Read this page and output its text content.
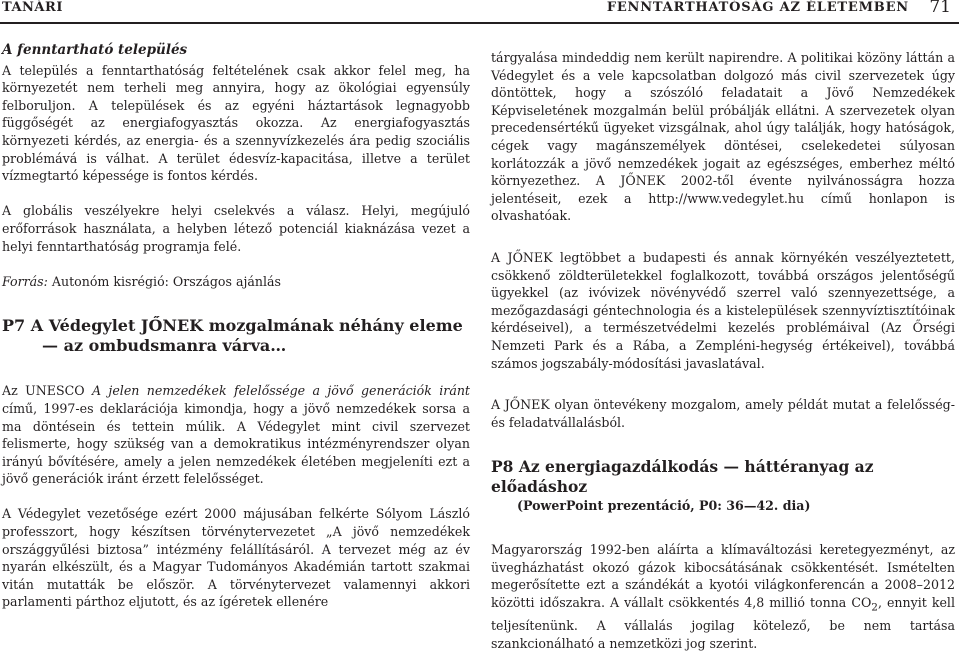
TANÁRI	FENNTARTHATÓSÁG AZ ÉLETEMBEN 71
A fenntartható település

A település a fenntarthatóság feltételének csak akkor felel meg, ha környezetét nem terheli meg annyira, hogy az ökológiai egyensúly felboruljon. A települések és az egyéni háztartások legnagyobb függőségét az energiafogyasztás okozza. Az energiafogyasztás környezeti kérdés, az energia- és a szennyvízkezelés ára pedig szociális problémává is válhat. A terület édesvíz-kapacitása, illetve a terület vízmegtartó képessége is fontos kérdés.

A globális veszélyekre helyi cselekvés a válasz. Helyi, megújuló erőforrások használata, a helyben létező potenciál kiaknázása vezet a helyi fenntarthatóság programja felé.

Forrás: Autonóm kisrégió: Országos ajánlás

P7 A Védegylet JŐNEK mozgalmának néhány eleme
— az ombudsmanra várva…

Az UNESCO A jelen nemzedékek felelőssége a jövő generációk iránt című, 1997-es deklarációja kimondja, hogy a jövő nemzedékek sorsa a ma döntésein és tettein múlik. A Védegylet mint civil szervezet felismerte, hogy szükség van a demokratikus intézményrendszer olyan irányú bővítésére, amely a jelen nemzedékek életében megjeleníti ezt a jövő generációk iránt érzett felelősséget.

A Védegylet vezetősége ezért 2000 májusában felkérte Sólyom László professzort, hogy készítsen törvénytervezetet „A jövő nemzedékek országgyűlési biztosa” intézmény felállításáról. A tervezet még az év nyarán elkészült, és a Magyar Tudományos Akadémián tartott szakmai vitán mutatták be először. A törvénytervezet valamennyi akkori parlamenti párthoz eljutott, és az ígéretek ellenére

tárgyalása mindeddig nem került napirendre. A politikai közöny láttán a Védegylet és a vele kapcsolatban dolgozó más civil szervezetek úgy döntöttek, hogy a szószóló feladatait a Jövő Nemzedékek Képviseletének mozgalmán belül próbálják ellátni. A szervezetek olyan precedensértékű ügyeket vizsgálnak, ahol úgy találják, hogy hatóságok, cégek vagy magánszemélyek döntései, cselekedetei súlyosan korlátozzák a jövő nemzedékek jogait az egészséges, emberhez méltó környezethez. A JŐNEK 2002-től évente nyilvánosságra hozza jelentéseit, ezek a http://www.vedegylet.hu című honlapon is olvashatóak.

A JŐNEK legtöbbet a budapesti és annak környékén veszélyeztetett, csökkenő zöldterületekkel foglalkozott, továbbá országos jelentőségű ügyekkel (az ivóvizek növényvédő szerrel való szennyezettsége, a mezőgazdasági géntechnologia és a kistelepülések szennyvíztisztítóinak kérdéseivel), a természetvédelmi kezelés problémáival (Az Őrségi Nemzeti Park és a Rába, a Zempléni-hegység értékeivel), továbbá számos jogszabály-módosítási javaslatával.

A JŐNEK olyan öntevékeny mozgalom, amely példát mutat a felelősség- és feladatvállalásból.

P8 Az energiagazdálkodás — háttéranyag az előadáshoz
(PowerPoint prezentáció, P0: 36—42. dia)

Magyarország 1992-ben aláírta a klímaváltozási keretegyezményt, az üvegházhatást okozó gázok kibocsátásának csökkentését. Ismételten megerősítette ezt a szándékát a kyotói világkonferencán a 2008–2012 közötti időszakra. A vállalt csökkentés 4,8 millió tonna $CO_2$, ennyit kell teljesítenünk. A vállalás jogilag kötelező, be nem tartása szankcionálható a nemzetközi jog szerint.
